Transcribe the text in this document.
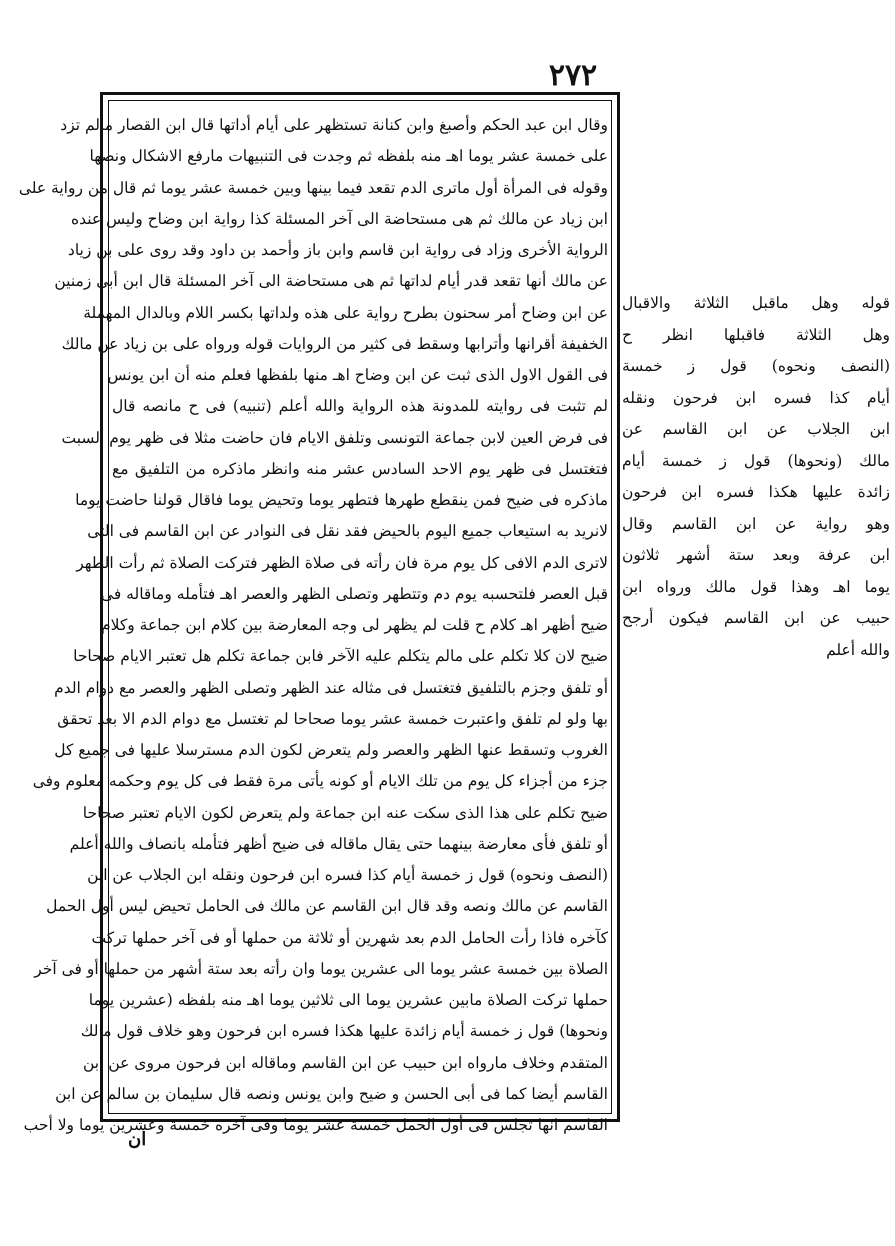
٢٧٢
وقال ابن عبد الحكم وأصبغ وابن كنانة تستظهر على أيام أداتها قال ابن القصار مالم تزد
على خمسة عشر يوما اهـ منه بلفظه ثم وجدت فى التنبيهات مارفع الاشكال ونصها
وقوله فى المرأة أول ماترى الدم تقعد فيما بينها وبين خمسة عشر يوما ثم قال من رواية على
ابن زياد عن مالك ثم هى مستحاضة الى آخر المسئلة كذا رواية ابن وضاح وليس عنده
الرواية الأخرى وزاد فى رواية ابن قاسم وابن باز وأحمد بن داود وقد روى على بن زياد
عن مالك أنها تقعد قدر أيام لداتها ثم هى مستحاضة الى آخر المسئلة قال ابن أبى زمنين
عن ابن وضاح أمر سحنون بطرح رواية على هذه ولداتها بكسر اللام وبالدال المهملة
الخفيفة أقرانها وأترابها وسقط فى كثير من الروايات قوله ورواه على بن زياد عن مالك
فى القول الاول الذى ثبت عن ابن وضاح اهـ منها بلفظها فعلم منه أن ابن يونس
لم تثبت فى روايته للمدونة هذه الرواية والله أعلم (تنبيه) فى ح مانصه قال
فى فرض العين لابن جماعة التونسى وتلفق الايام فان حاضت مثلا فى ظهر يوم السبت
فتغتسل فى ظهر يوم الاحد السادس عشر منه وانظر ماذكره من التلفيق مع
ماذكره فى ضيح فمن ينقطع طهرها فتطهر يوما وتحيض يوما فاقال قولنا حاضت يوما
لانريد به استيعاب جميع اليوم بالحيض فقد نقل فى النوادر عن ابن القاسم فى التى
لاترى الدم الافى كل يوم مرة فان رأته فى صلاة الظهر فتركت الصلاة ثم رأت الطهر
قبل العصر فلتحسبه يوم دم وتتطهر وتصلى الظهر والعصر اهـ فتأمله وماقاله فى
ضيح أظهر اهـ كلام ح قلت لم يظهر لى وجه المعارضة بين كلام ابن جماعة وكلام
ضيح لان كلا تكلم على مالم يتكلم عليه الآخر فابن جماعة تكلم هل تعتبر الايام صحاحا
أو تلفق وجزم بالتلفيق فتغتسل فى مثاله عند الظهر وتصلى الظهر والعصر مع دوام الدم
بها ولو لم تلفق واعتبرت خمسة عشر يوما صحاحا لم تغتسل مع دوام الدم الا بعد تحقق
الغروب وتسقط عنها الظهر والعصر ولم يتعرض لكون الدم مسترسلا عليها فى جميع كل
جزء من أجزاء كل يوم من تلك الايام أو كونه يأتى مرة فقط فى كل يوم وحكمه معلوم وفى
ضيح تكلم على هذا الذى سكت عنه ابن جماعة ولم يتعرض لكون الايام تعتبر صحاحا
أو تلفق فأى معارضة بينهما حتى يقال ماقاله فى ضيح أظهر فتأمله بانصاف والله أعلم
(النصف ونحوه) قول ز خمسة أيام كذا فسره ابن فرحون ونقله ابن الجلاب عن ابن
القاسم عن مالك ونصه وقد قال ابن القاسم عن مالك فى الحامل تحيض ليس أول الحمل
كآخره فاذا رأت الحامل الدم بعد شهرين أو ثلاثة من حملها أو فى آخر حملها تركت
الصلاة بين خمسة عشر يوما الى عشرين يوما وان رأته بعد ستة أشهر من حملها أو فى آخر
حملها تركت الصلاة مابين عشرين يوما الى ثلاثين يوما اهـ منه بلفظه (عشرين يوما
ونحوها) قول ز خمسة أيام زائدة عليها هكذا فسره ابن فرحون وهو خلاف قول مالك
المتقدم وخلاف مارواه ابن حبيب عن ابن القاسم وماقاله ابن فرحون مروى عن ابن
القاسم أيضا كما فى أبى الحسن و ضيح وابن يونس ونصه قال سليمان بن سالم عن ابن
القاسم انها تجلس فى أول الحمل خمسة عشر يوما وفى آخره خمسة وعشرين يوما ولا أحب
قوله وهل ماقبل الثلاثة والاقبال
وهل الثلاثة فاقبلها انظر ح
(النصف ونحوه) قول ز خمسة
أيام كذا فسره ابن فرحون ونقله
ابن الجلاب عن ابن القاسم عن
مالك (ونحوها) قول ز خمسة أيام
زائدة عليها هكذا فسره ابن فرحون
وهو رواية عن ابن القاسم وقال
ابن عرفة وبعد ستة أشهر ثلاثون
يوما اهـ وهذا قول مالك ورواه ابن
حبيب عن ابن القاسم فيكون أرجح
والله أعلم
ان
